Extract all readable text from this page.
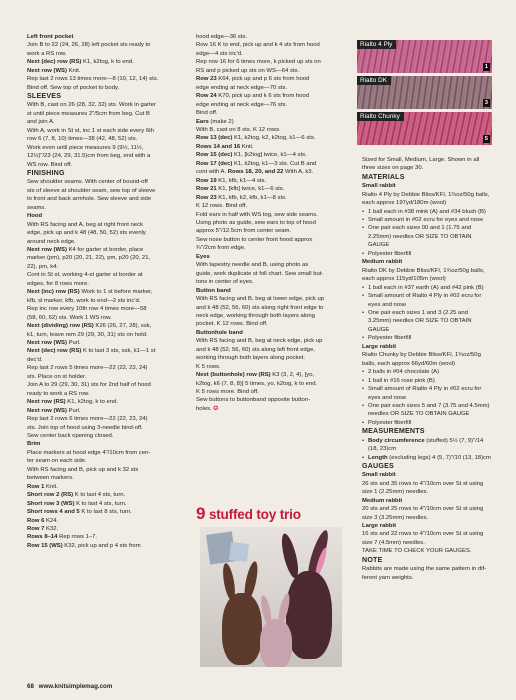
Left front pocket

Join B to 22 (24, 26, 28) left pocket sts ready to

work a RS row.

Next (dec) row (RS) K1, k2tog, k to end.

Next row (WS) Knit.

Rep last 2 rows 13 times more—8 (10, 12, 14) sts.

Bind off. Sew top of pocket to body.

SLEEVES

With B, cast on 26 (28, 32, 32) sts. Work in garter

st until piece measures 2"/5cm from beg. Cut B

and join A.

With A, work in St st, inc 1 st each side every 6th

row 6 (7, 8, 10) times—38 (42, 48, 52) sts.

Work even until piece measures 9 (9½, 11½,

12½)"/23 (24, 29, 31.5)cm from beg, end with a

WS row. Bind off.

FINISHING

Sew shoulder seams. With center of bound-off

sts of sleeve at shoulder seam, sew top of sleeve

to front and back armhole. Sew sleeve and side

seams.

Hood

With RS facing and A, beg at right front neck

edge, pick up and k 48 (48, 50, 52) sts evenly

around neck edge.

Next row (WS) K4 for garter st border, place

marker (pm), p20 (20, 21, 22), pm, p20 (20, 21,

22), pm, k4.

Cont in St st, working 4-st garter st border at

edges, for 8 rows more.

Next (inc) row (RS) Work to 1 st before marker,

kfb, sl marker, kfb, work to end—2 sts inc'd.

Rep inc row every 10th row 4 times more—58

(58, 60, 62) sts. Work 1 WS row.

Next (dividing) row (RS) K26 (26, 27, 28), ssk,

k1, turn, leave rem 29 (29, 30, 31) sts on hold.

Next row (WS) Purl.

Next (dec) row (RS) K to last 3 sts, ssk, k1—1 st

dec'd.

Rep last 2 rows 5 times more—22 (22, 23, 24)

sts. Place on st holder.

Join A to 29 (29, 30, 31) sts for 2nd half of hood

ready to work a RS row.

Next row (RS) K1, k2tog, k to end.

Next row (WS) Purl.

Rep last 2 rows 6 times more—22 (22, 23, 24)

sts. Join top of hood using 3-needle bind-off.

Sew center back opening closed.

Brim

Place markers at hood edge 4"/10cm from cen-

ter seam on each side.

With RS facing and B, pick up and k 32 sts

between markers.

Row 1 Knit.

Short row 2 (RS) K to last 4 sts, turn.

Short row 3 (WS) K to last 4 sts, turn.

Short rows 4 and 5 K to last 8 sts, turn.

Row 6 K24.

Row 7 K32.

Rows 8–14 Rep rows 1–7.

Row 15 (WS) K32, pick up and p 4 sts from

hood edge—36 sts.

Row 16 K to end, pick up and k 4 sts from hood

edge—4 sts inc'd.

Rep row 16 for 6 times more, k picked up sts on

RS and p picked up sts on WS—64 sts.

Row 23 K64, pick up and p 6 sts from hood

edge ending at neck edge—70 sts.

Row 24 K70, pick up and k 6 sts from hood

edge ending at neck edge—76 sts.

Bind off.

Ears (make 2)

With B, cast on 8 sts. K 12 rows.

Row 13 (dec) K1, k2tog, k2, k2tog, k1—6 sts.

Rows 14 and 16 Knit.

Row 15 (dec) K1, [k2tog] twice, k1—4 sts.

Row 17 (dec) K1, k2tog, k1—3 sts. Cut B and

cont with A. Rows 18, 20, and 22 With A, k3.

Row 19 K1, kfb, k1—4 sts.

Row 21 K1, [kfb] twice, k1—6 sts.

Row 23 K1, kfb, k2, kfb, k1—8 sts.

K 12 rows. Bind off.

Fold ears in half with WS tog, sew side seams.

Using photo as guide, sew ears to top of hood

approx 5"/12.5cm from center seam.

Sew nose button to center front hood approx

¾"/2cm from edge.

Eyes

With tapestry needle and B, using photo as

guide, work duplicate st foll chart. Sew small but-

tons in center of eyes.

Button band

With RS facing and B, beg at lower edge, pick up

and k 48 (52, 56, 60) sts along right front edge to

neck edge, working through both layers along

pocket. K 12 rows. Bind off.

Buttonhole band

With RS facing and B, beg at neck edge, pick up

and k 48 (52, 56, 60) sts along left front edge,

working through both layers along pocket.

K 5 rows.

Next (buttonhole) row (RS) K3 (3, 2, 4), [yo,

k2tog, k6 (7, 8, 8)] 5 times, yo, k2tog, k to end.

K 5 rows more. Bind off.

Sew buttons to buttonband opposite button-

holes. ✪

9 stuffed toy trio
Rialto 4 Ply
1
Rialto DK
3
Rialto Chunky
5

Sized for Small, Medium, Large. Shown in all

three sizes on page 30.

MATERIALS

Small rabbit

Rialto 4 Ply by Debbie Bliss/KFI, 1¾oz/50g balls,

each approx 197yd/180m (wool)

• 1 ball each in #38 mink (A) and #34 blush (B)
• Small amount in #02 ecru for eyes and nose
• One pair each sizes 00 and 1 (1.75 and 2.25mm) needles OR SIZE TO OBTAIN GAUGE
• Polyester fiberfill

Medium rabbit

Rialto DK by Debbie Bliss/KFI, 1¾oz/50g balls,

each approx 115yd/105m (wool)

• 1 ball each in #37 earth (A) and #42 pink (B)
• Small amount of Rialto 4 Ply in #02 ecru for eyes and nose
• One pair each sizes 1 and 3 (2.25 and 3.25mm) needles OR SIZE TO OBTAIN GAUGE
• Polyester fiberfill

Large rabbit

Rialto Chunky by Debbie Bliss/KFI, 1¾oz/50g

balls, each approx 66yd/60m (wool)

• 2 balls in #04 chocolate (A)
• 1 ball in #16 rose pink (B)
• Small amount of Rialto 4 Ply in #02 ecru for eyes and nose
• One pair each sizes 5 and 7 (3.75 and 4.5mm) needles OR SIZE TO OBTAIN GAUGE
• Polyester fiberfill

MEASUREMENTS

• Body circumference (stuffed) 5½ (7, 9)"/14 (18, 23)cm
• Length (excluding legs) 4 (5, 7)"/10 (13, 18)cm

GAUGES

Small rabbit

26 sts and 35 rows to 4"/10cm over St st using

size 1 (2.25mm) needles.

Medium rabbit

20 sts and 25 rows to 4"/10cm over St st using

size 3 (3.25mm) needles.

Large rabbit

16 sts and 22 rows to 4"/10cm over St st using

size 7 (4.5mm) needles.

TAKE TIME TO CHECK YOUR GAUGES.

NOTE

Rabbits are made using the same pattern in dif-

ferent yarn weights.

68 www.knitsimplemag.com
